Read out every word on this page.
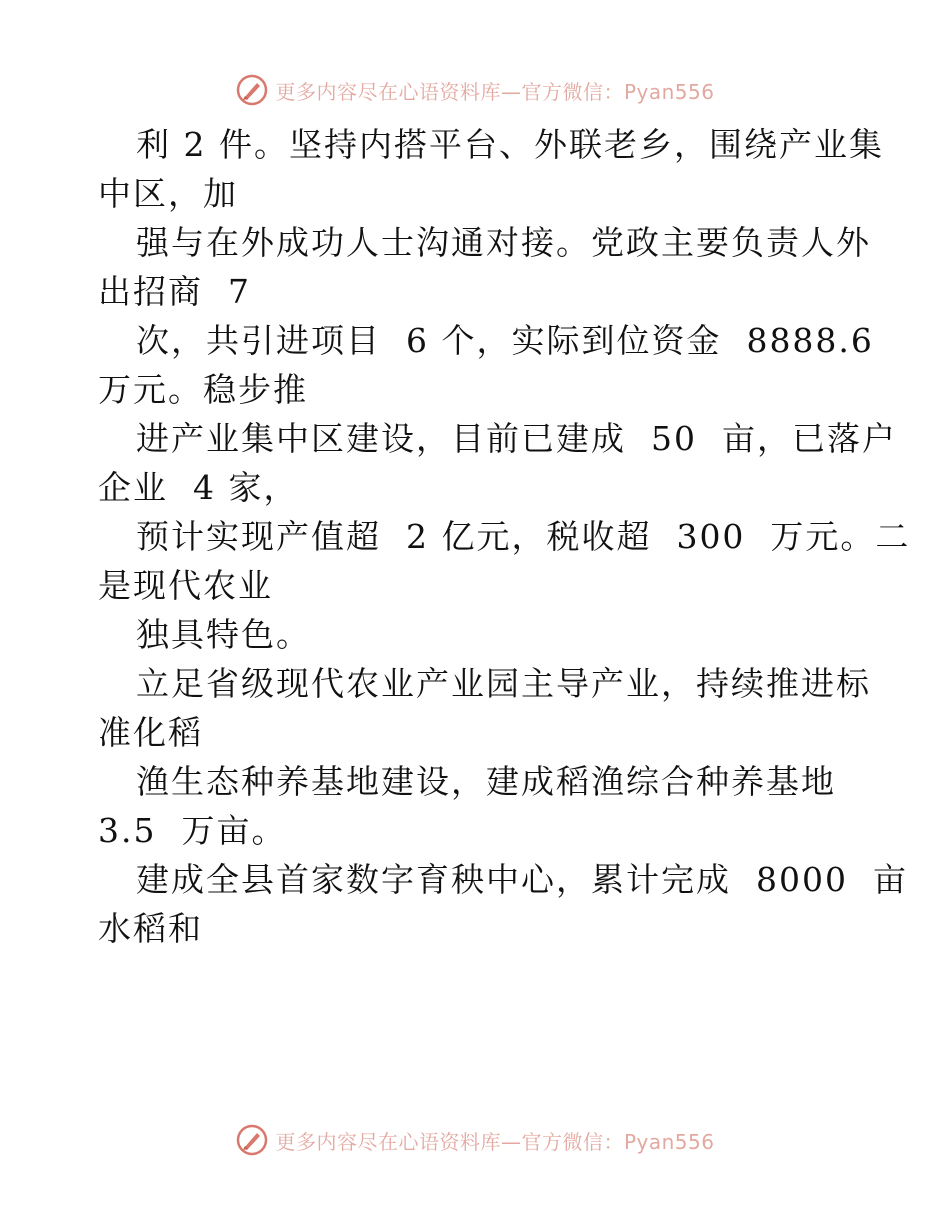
更多内容尽在心语资料库—官方微信：Pyan556
利 2 件。坚持内搭平台、外联老乡，围绕产业集
中区，加
强与在外成功人士沟通对接。党政主要负责人外
出招商  7
次，共引进项目  6 个，实际到位资金  8888.6
万元。稳步推
进产业集中区建设，目前已建成  50  亩，已落户
企业  4 家，
预计实现产值超  2 亿元，税收超  300  万元。二
是现代农业
独具特色。
立足省级现代农业产业园主导产业，持续推进标
准化稻
渔生态种养基地建设，建成稻渔综合种养基地
3.5  万亩。
建成全县首家数字育秧中心，累计完成  8000  亩
水稻和
更多内容尽在心语资料库—官方微信：Pyan556
